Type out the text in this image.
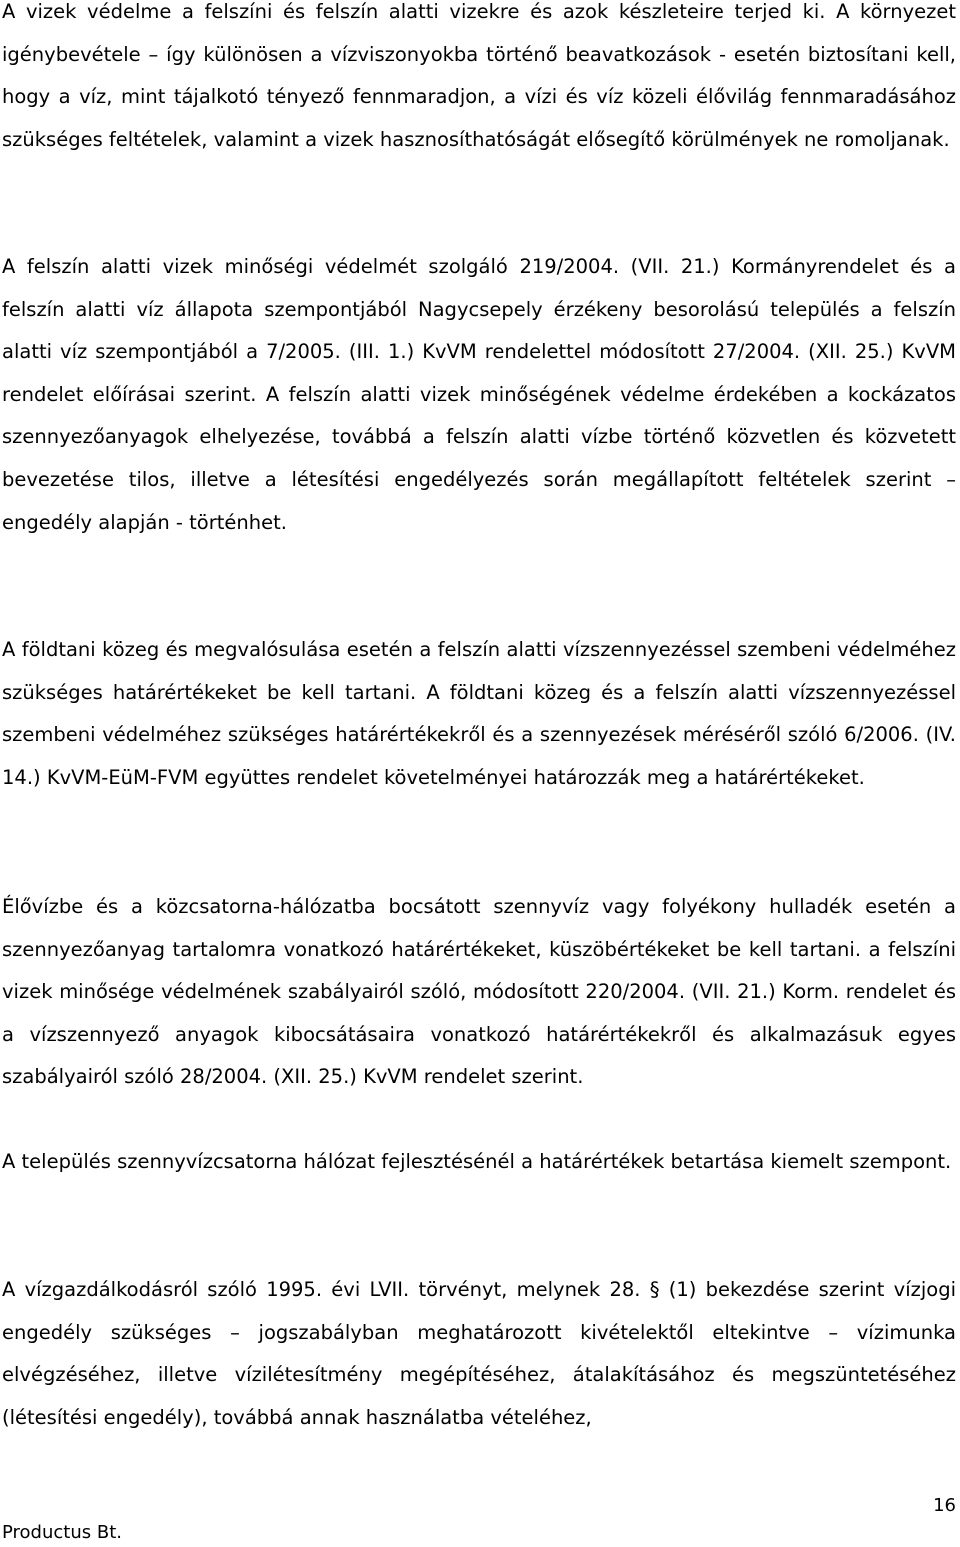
A vizek védelme a felszíni és felszín alatti vizekre és azok készleteire terjed ki. A környezet igénybevétele – így különösen a vízviszonyokba történő beavatkozások - esetén biztosítani kell, hogy a víz, mint tájalkotó tényező fennmaradjon, a vízi és víz közeli élővilág fennmaradásához szükséges feltételek, valamint a vizek hasznosíthatóságát elősegítő körülmények ne romoljanak.

A felszín alatti vizek minőségi védelmét szolgáló 219/2004. (VII. 21.) Kormányrendelet és a felszín alatti víz állapota szempontjából Nagycsepely érzékeny besorolású település a felszín alatti víz szempontjából a 7/2005. (III. 1.) KvVM rendelettel módosított 27/2004. (XII. 25.) KvVM rendelet előírásai szerint. A felszín alatti vizek minőségének védelme érdekében a kockázatos szennyezőanyagok elhelyezése, továbbá a felszín alatti vízbe történő közvetlen és közvetett bevezetése tilos, illetve a létesítési engedélyezés során megállapított feltételek szerint – engedély alapján - történhet.

A földtani közeg és megvalósulása esetén a felszín alatti vízszennyezéssel szembeni védelméhez szükséges határértékeket be kell tartani. A földtani közeg és a felszín alatti vízszennyezéssel szembeni védelméhez szükséges határértékekről és a szennyezések méréséről szóló 6/2006. (IV. 14.) KvVM-EüM-FVM együttes rendelet követelményei határozzák meg a határértékeket.

Élővízbe és a közcsatorna-hálózatba bocsátott szennyvíz vagy folyékony hulladék esetén a szennyezőanyag tartalomra vonatkozó határértékeket, küszöbértékeket be kell tartani. a felszíni vizek minősége védelmének szabályairól szóló, módosított 220/2004. (VII. 21.) Korm. rendelet és a vízszennyező anyagok kibocsátásaira vonatkozó határértékekről és alkalmazásuk egyes szabályairól szóló 28/2004. (XII. 25.) KvVM rendelet szerint.

A település szennyvízcsatorna hálózat fejlesztésénél a határértékek betartása kiemelt szempont.

A vízgazdálkodásról szóló 1995. évi LVII. törvényt, melynek 28. § (1) bekezdése szerint vízjogi engedély szükséges – jogszabályban meghatározott kivételektől eltekintve – vízimunka elvégzéséhez, illetve vízilétesítmény megépítéséhez, átalakításához és megszüntetéséhez (létesítési engedély), továbbá annak használatba vételéhez,

Productus Bt.
16
